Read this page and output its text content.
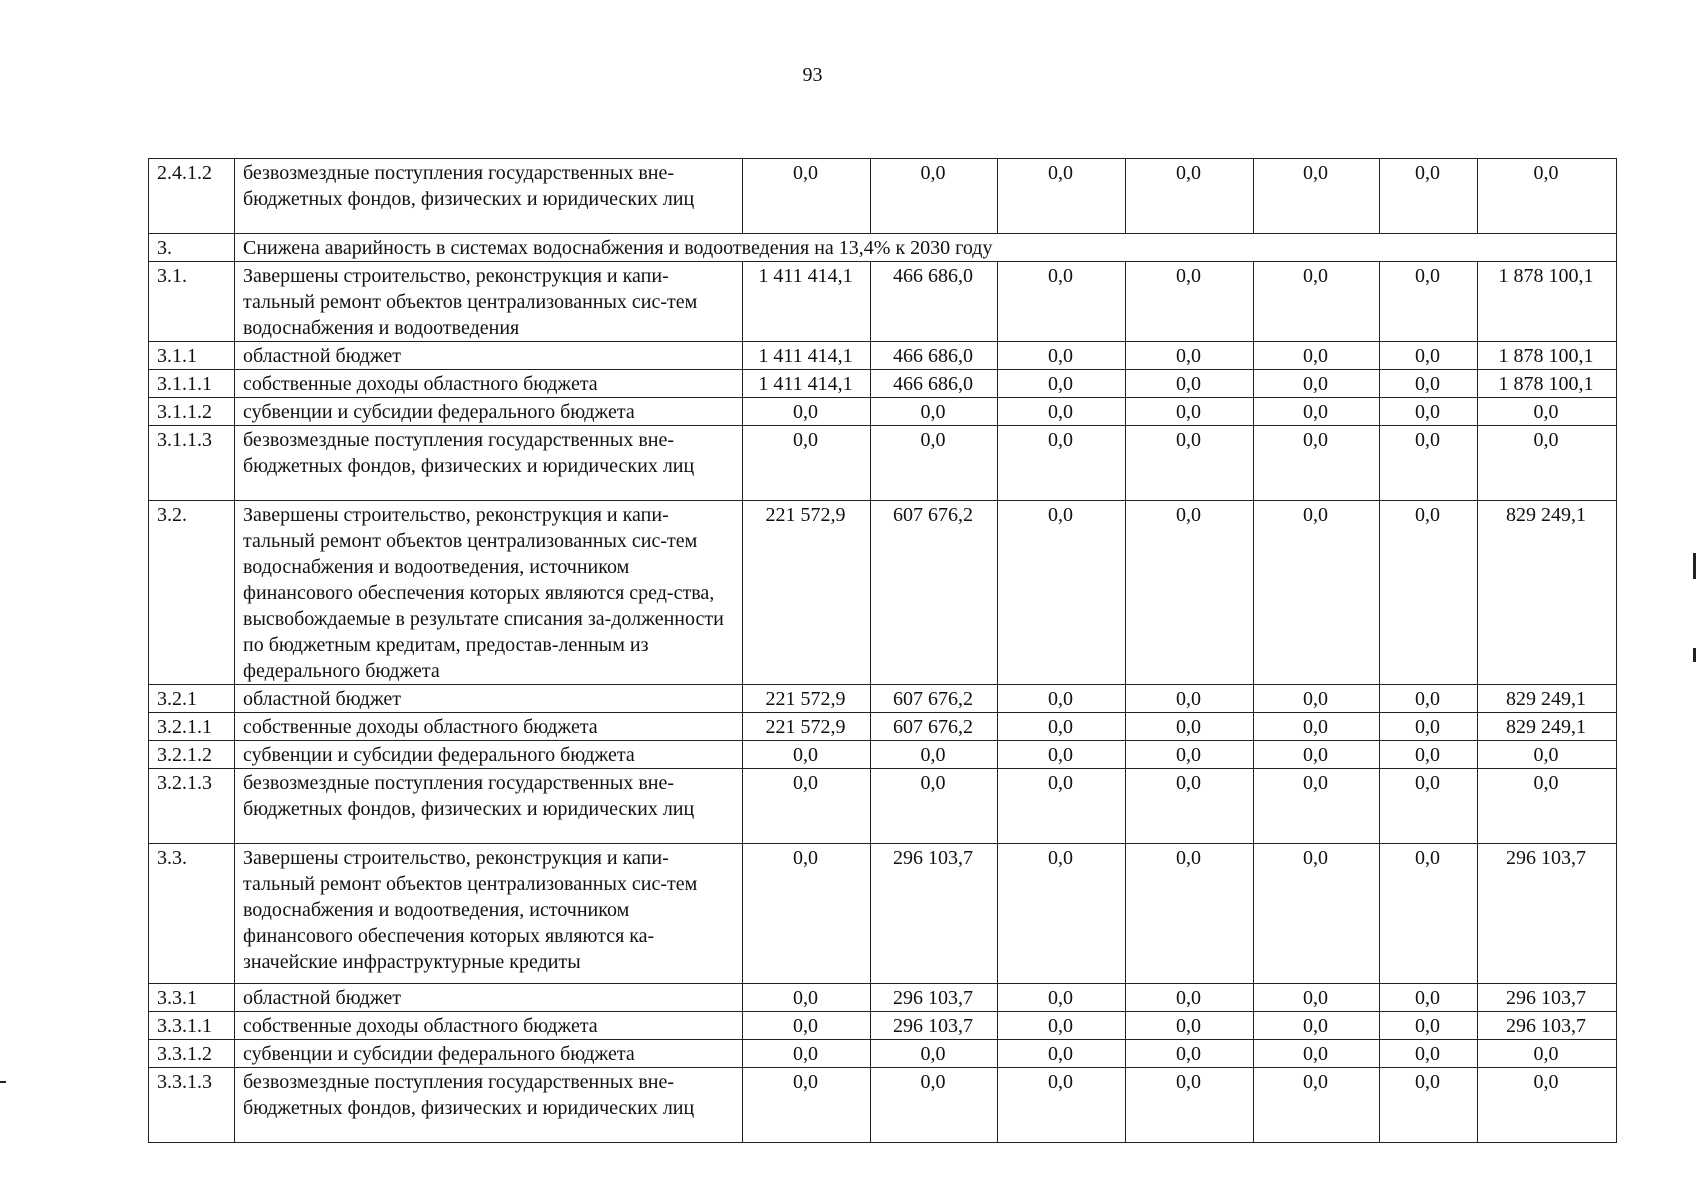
93
2.4.1.2	безвозмездные поступления государственных вне-бюджетных фондов, физических и юридических лиц	0,0	0,0	0,0	0,0	0,0	0,0	0,0
3.	Снижена аварийность в системах водоснабжения и водоотведения на 13,4% к 2030 году							
3.1.	Завершены строительство, реконструкция и капи-тальный ремонт объектов централизованных сис-тем водоснабжения и водоотведения	1 411 414,1	466 686,0	0,0	0,0	0,0	0,0	1 878 100,1
3.1.1	областной бюджет	1 411 414,1	466 686,0	0,0	0,0	0,0	0,0	1 878 100,1
3.1.1.1	собственные доходы областного бюджета	1 411 414,1	466 686,0	0,0	0,0	0,0	0,0	1 878 100,1
3.1.1.2	субвенции и субсидии федерального бюджета	0,0	0,0	0,0	0,0	0,0	0,0	0,0
3.1.1.3	безвозмездные поступления государственных вне-бюджетных фондов, физических и юридических лиц	0,0	0,0	0,0	0,0	0,0	0,0	0,0
3.2.	Завершены строительство, реконструкция и капи-тальный ремонт объектов централизованных сис-тем водоснабжения и водоотведения, источником финансового обеспечения которых являются сред-ства, высвобождаемые в результате списания за-долженности по бюджетным кредитам, предостав-ленным из федерального бюджета	221 572,9	607 676,2	0,0	0,0	0,0	0,0	829 249,1
3.2.1	областной бюджет	221 572,9	607 676,2	0,0	0,0	0,0	0,0	829 249,1
3.2.1.1	собственные доходы областного бюджета	221 572,9	607 676,2	0,0	0,0	0,0	0,0	829 249,1
3.2.1.2	субвенции и субсидии федерального бюджета	0,0	0,0	0,0	0,0	0,0	0,0	0,0
3.2.1.3	безвозмездные поступления государственных вне-бюджетных фондов, физических и юридических лиц	0,0	0,0	0,0	0,0	0,0	0,0	0,0
3.3.	Завершены строительство, реконструкция и капи-тальный ремонт объектов централизованных сис-тем водоснабжения и водоотведения, источником финансового обеспечения которых являются ка-значейские инфраструктурные кредиты	0,0	296 103,7	0,0	0,0	0,0	0,0	296 103,7
3.3.1	областной бюджет	0,0	296 103,7	0,0	0,0	0,0	0,0	296 103,7
3.3.1.1	собственные доходы областного бюджета	0,0	296 103,7	0,0	0,0	0,0	0,0	296 103,7
3.3.1.2	субвенции и субсидии федерального бюджета	0,0	0,0	0,0	0,0	0,0	0,0	0,0
3.3.1.3	безвозмездные поступления государственных вне-бюджетных фондов, физических и юридических лиц	0,0	0,0	0,0	0,0	0,0	0,0	0,0
